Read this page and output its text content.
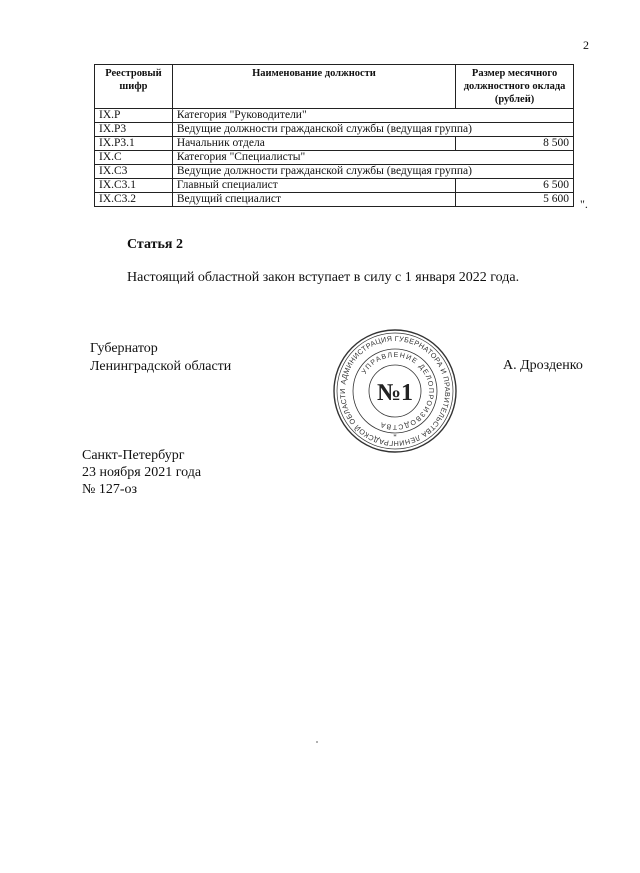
2
Реестровый шифр	Наименование должности	Размер месячного должностного оклада (рублей)
IX.Р	Категория "Руководители"	
IX.Р3	Ведущие должности гражданской службы (ведущая группа)	
IX.Р3.1	Начальник отдела	8 500
IX.С	Категория "Специалисты"	
IX.С3	Ведущие должности гражданской службы (ведущая группа)	
IX.С3.1	Главный специалист	6 500
IX.С3.2	Ведущий специалист	5 600 ".
Статья 2
Настоящий областной закон вступает в силу с 1 января 2022 года.
Губернатор
Ленинградской области	А. Дрозденко
АДМИНИСТРАЦИЯ ГУБЕРНАТОРА И ПРАВИТЕЛЬСТВА ЛЕНИНГРАДСКОЙ ОБЛАСТИ
УПРАВЛЕНИЕ ДЕЛОПРОИЗВОДСТВА
№1
*
Санкт-Петербург
23 ноября 2021 года
№ 127-оз
